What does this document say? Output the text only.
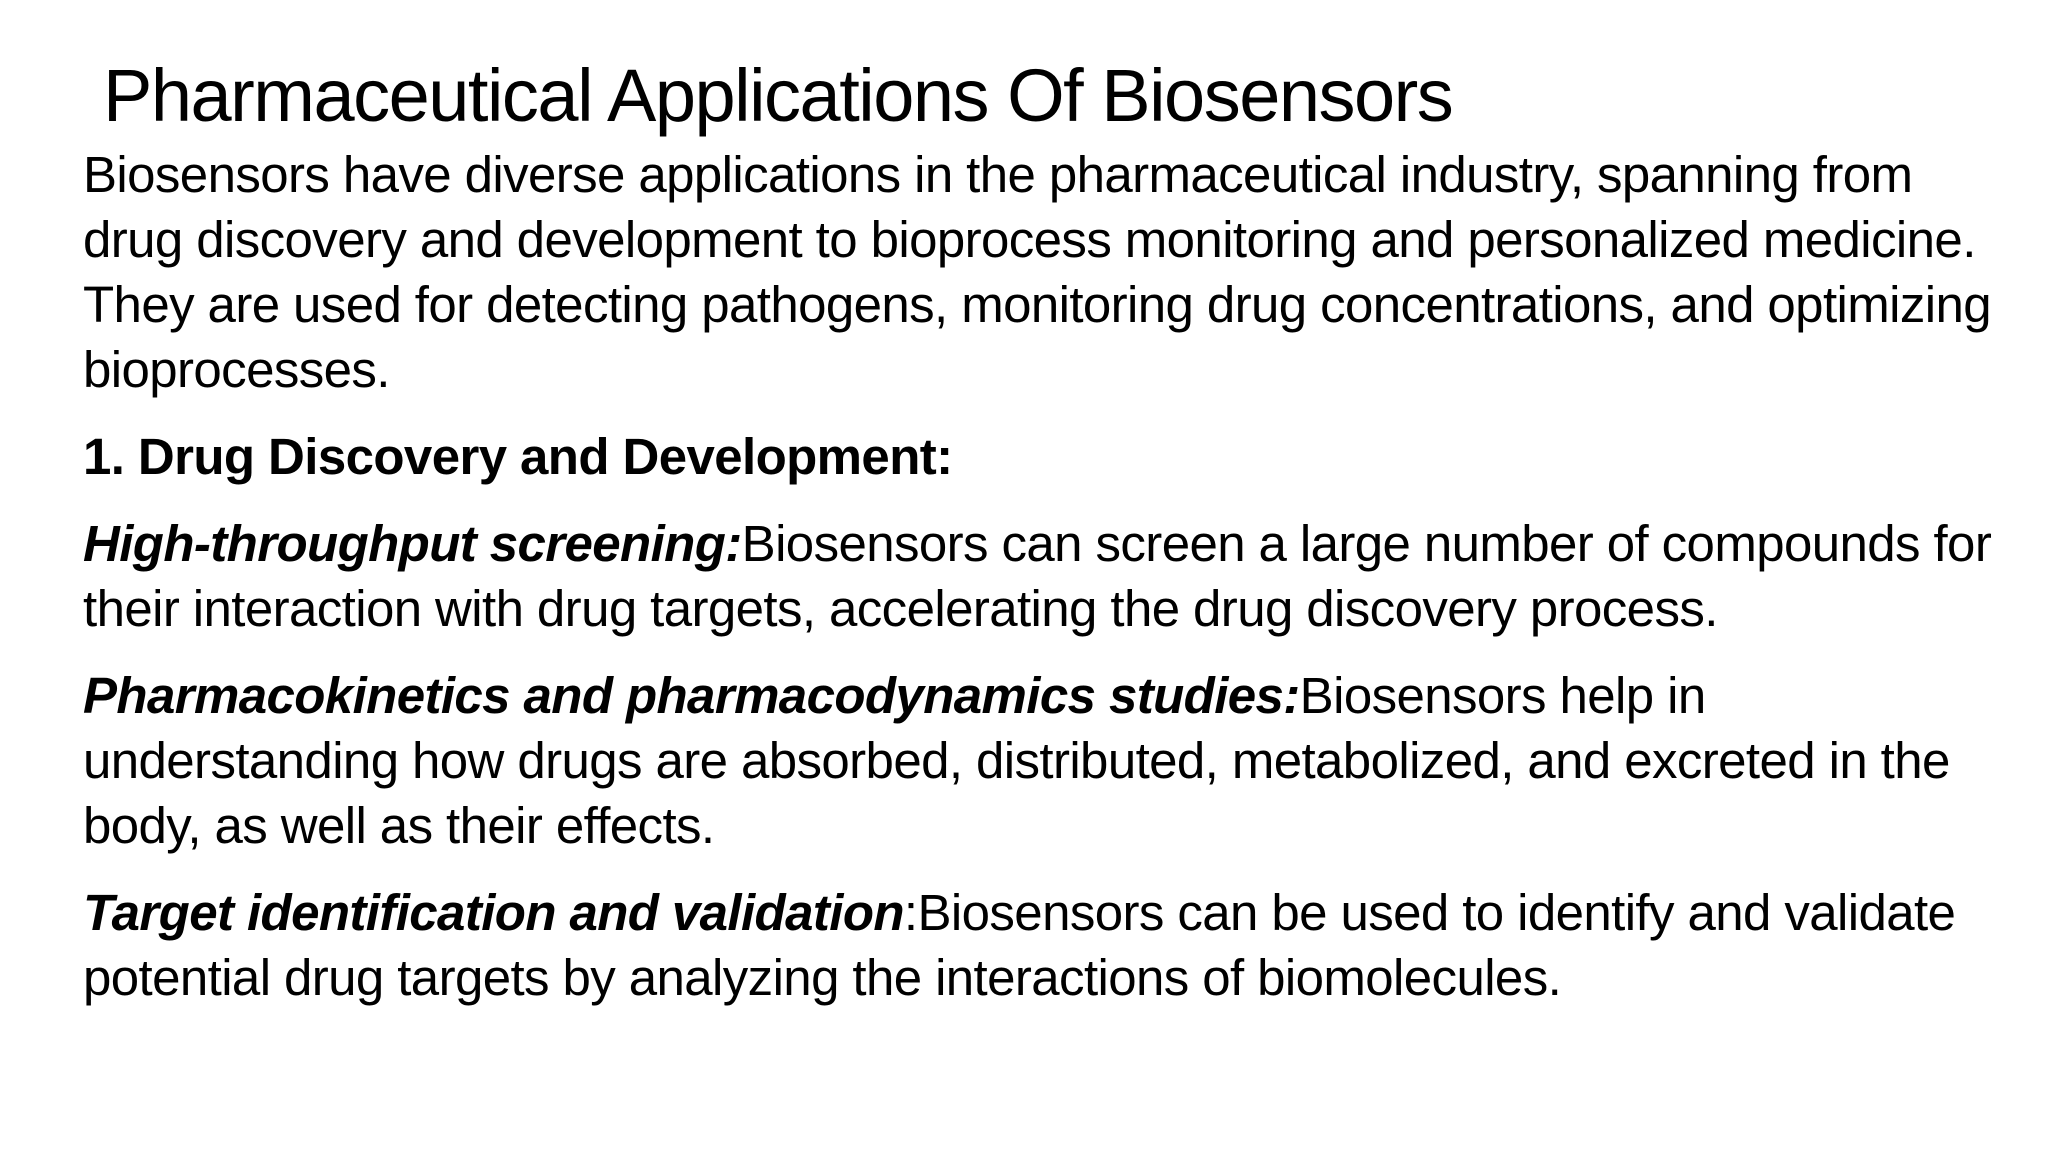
Pharmaceutical Applications Of Biosensors

Biosensors have diverse applications in the pharmaceutical industry, spanning from drug discovery and development to bioprocess monitoring and personalized medicine. They are used for detecting pathogens, monitoring drug concentrations, and optimizing bioprocesses.

1. Drug Discovery and Development:

High-throughput screening:Biosensors can screen a large number of compounds for their interaction with drug targets, accelerating the drug discovery process.

Pharmacokinetics and pharmacodynamics studies:Biosensors help in understanding how drugs are absorbed, distributed, metabolized, and excreted in the body, as well as their effects.

Target identification and validation:Biosensors can be used to identify and validate potential drug targets by analyzing the interactions of biomolecules.
